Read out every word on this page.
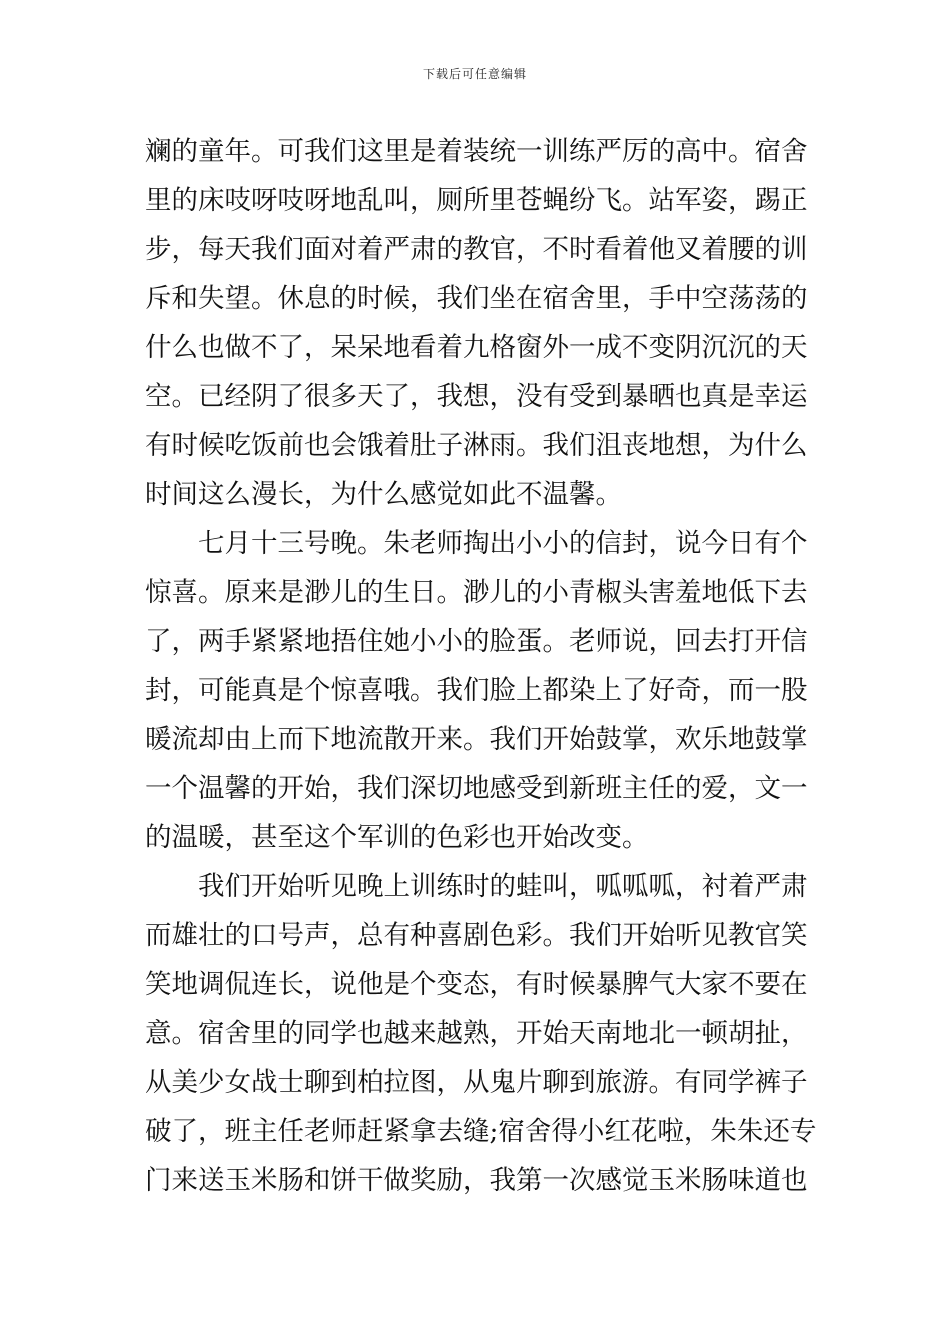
下载后可任意编辑
斓的童年。可我们这里是着装统一训练严厉的高中。宿舍
里的床吱呀吱呀地乱叫，厕所里苍蝇纷飞。站军姿，踢正
步，每天我们面对着严肃的教官，不时看着他叉着腰的训
斥和失望。休息的时候，我们坐在宿舍里，手中空荡荡的
什么也做不了，呆呆地看着九格窗外一成不变阴沉沉的天
空。已经阴了很多天了，我想，没有受到暴晒也真是幸运
有时候吃饭前也会饿着肚子淋雨。我们沮丧地想，为什么
时间这么漫长，为什么感觉如此不温馨。
七月十三号晚。朱老师掏出小小的信封，说今日有个
惊喜。原来是渺儿的生日。渺儿的小青椒头害羞地低下去
了，两手紧紧地捂住她小小的脸蛋。老师说，回去打开信
封，可能真是个惊喜哦。我们脸上都染上了好奇，而一股
暖流却由上而下地流散开来。我们开始鼓掌，欢乐地鼓掌
一个温馨的开始，我们深切地感受到新班主任的爱，文一
的温暖，甚至这个军训的色彩也开始改变。
我们开始听见晚上训练时的蛙叫，呱呱呱，衬着严肃
而雄壮的口号声，总有种喜剧色彩。我们开始听见教官笑
笑地调侃连长，说他是个变态，有时候暴脾气大家不要在
意。宿舍里的同学也越来越熟，开始天南地北一顿胡扯，
从美少女战士聊到柏拉图，从鬼片聊到旅游。有同学裤子
破了，班主任老师赶紧拿去缝;宿舍得小红花啦，朱朱还专
门来送玉米肠和饼干做奖励，我第一次感觉玉米肠味道也
